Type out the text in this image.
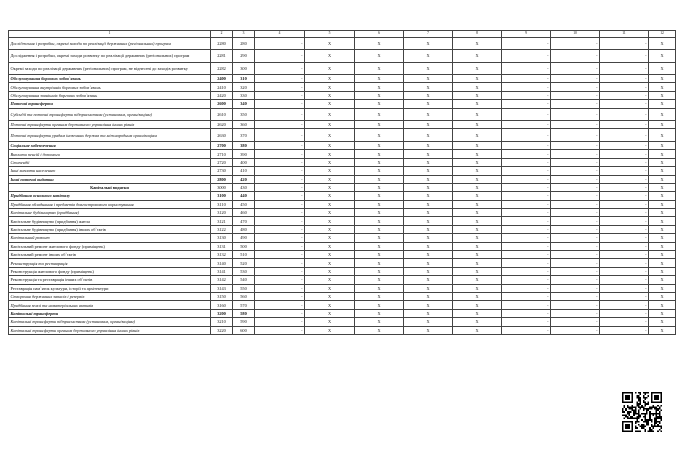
1	2	3	4	5	6	7	8	9	10	11	12	
Дослідження і розробки, окремі заходи по реалізації державних (регіональних) програм	2280	280	-	X	X	X	X	-	-	-	X	
Дослідження і розробки, окремі заходи розвитку по реалізації державних (регіональних) програм	2281	290	-	X	X	X	X	-	-	-	X	
Окремі заходи по реалізації державних (регіональних) програм, не віднесені до заходів розвитку	2282	300	-	X	X	X	X	-	-	-	X	
Обслуговування боргових зобов`язань	2400	310	-	X	X	X	X	-	-	-	X	
Обслуговування внутрішніх боргових зобов`язань	2410	320	-	X	X	X	X	-	-	-	X	
Обслуговування зовнішніх боргових зобов`язань	2420	330	-	X	X	X	X	-	-	-	X	
Поточні трансферти	2600	340	-	X	X	X	X	-	-	-	X	
Субсидії та поточні трансферти підприємствам (установам, організаціям)	2610	350	-	X	X	X	X	-	-	-	X	
Поточні трансферти органам державного управління інших рівнів	2620	360	-	X	X	X	X	-	-	-	X	
Поточні трансферти урядам іноземних держав та міжнародним організаціям	2630	370	-	X	X	X	X	-	-	-	X	
Соціальне забезпечення	2700	380	-	X	X	X	X	-	-	-	X	
Виплати пенсій і допомоги	2710	390	-	X	X	X	X	-	-	-	X	
Стипендії	2720	400	-	X	X	X	X	-	-	-	X	
Інші виплати населенню	2730	410	-	X	X	X	X	-	-	-	X	
Інші поточні видатки	2800	420	-	X	X	X	X	-	-	-	X	
Капітальні видатки	3000	430	-	X	X	X	X	-	-	-	X	
Придбання основного капіталу	3100	440	-	X	X	X	X	-	-	-	X	
Придбання обладнання і предметів довгострокового користування	3110	450	-	X	X	X	X	-	-	-	X	
Капітальне будівництво (придбання)	3120	460	-	X	X	X	X	-	-	-	X	
Капітальне будівництво (придбання) житла	3121	470	-	X	X	X	X	-	-	-	X	
Капітальне будівництво (придбання) інших об`єктів	3122	480	-	X	X	X	X	-	-	-	X	
Капітальний ремонт	3130	490	-	X	X	X	X	-	-	-	X	
Капітальний ремонт житлового фонду (приміщень)	3131	500	-	X	X	X	X	-	-	-	X	
Капітальний ремонт інших об`єктів	3132	510	-	X	X	X	X	-	-	-	X	
Реконструкція та реставрація	3140	520	-	X	X	X	X	-	-	-	X	
Реконструкція житлового фонду (приміщень)	3141	530	-	X	X	X	X	-	-	-	X	
Реконструкція та реставрація інших об`єктів	3142	540	-	X	X	X	X	-	-	-	X	
Реставрація пам`яток культури, історії та архітектури	3143	550	-	X	X	X	X	-	-	-	X	
Створення державних запасів і резервів	3150	560	-	X	X	X	X	-	-	-	X	
Придбання землі та нематеріальних активів	3160	570	-	X	X	X	X	-	-	-	X	
Капітальні трансферти	3200	580	-	X	X	X	X	-	-	-	X	
Капітальні трансферти підприємствам (установам, організаціям)	3210	590	-	X	X	X	X	-	-	-	X	
Капітальні трансферти органам державного управління інших рівнів	3220	600	-	X	X	X	X	-	-	-	X	
